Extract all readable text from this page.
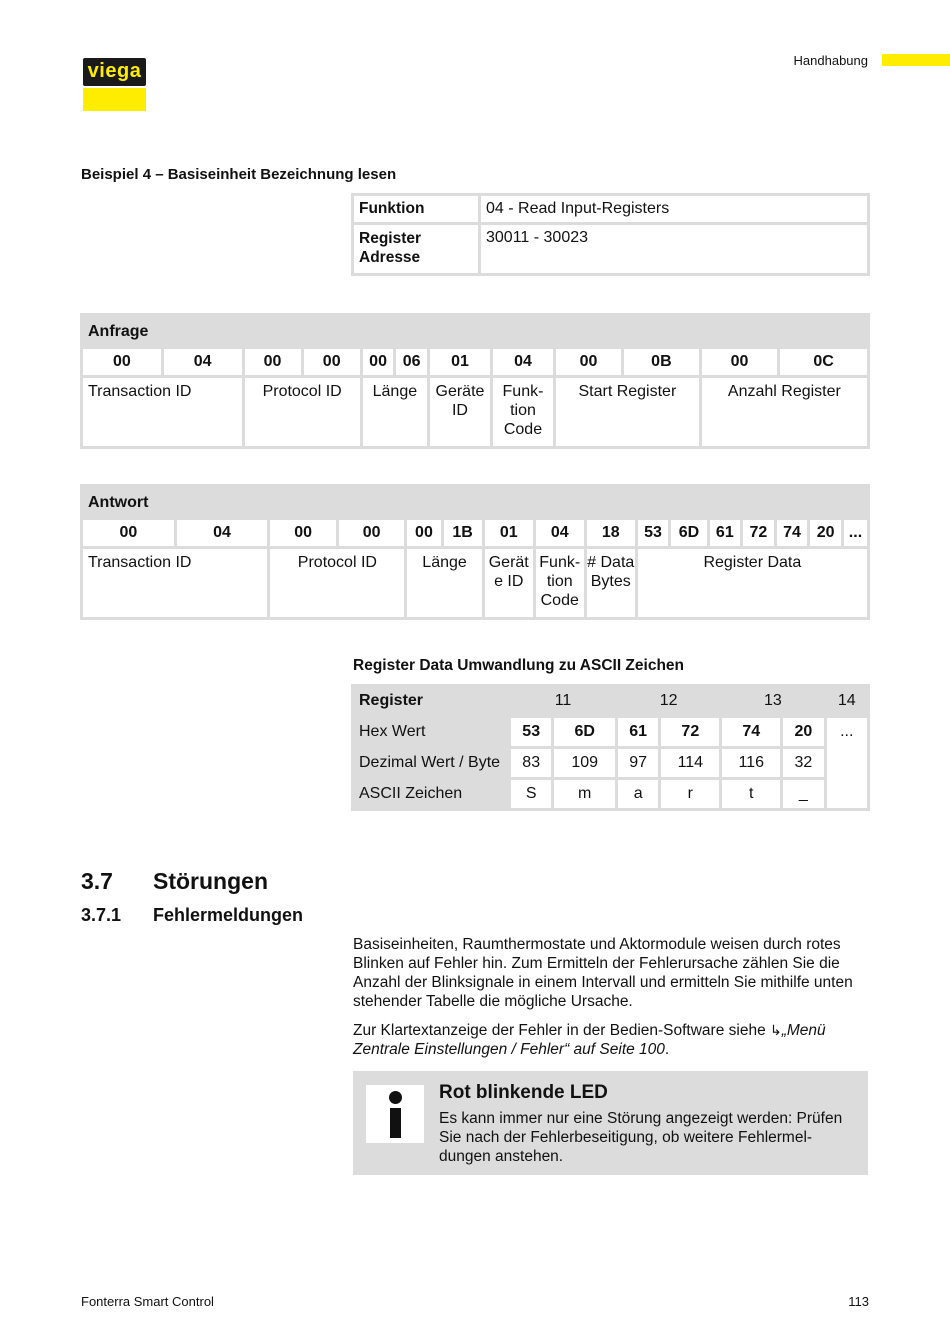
viega	Handhabung
Beispiel 4 – Basiseinheit Bezeichnung lesen
Funktion	04 - Read Input-Registers
Register Adresse	30011 - 30023
Anfrage											
00	04	00	00	00	06	01	04	00	0B	00	0C
Transaction ID		Protocol ID		Länge		Geräte ID	Funk-tion Code	Start Register		Anzahl Register	
Antwort															
00	04	00	00	00	1B	01	04	18	53	6D	61	72	74	20	...
Transaction ID		Protocol ID		Länge		Gerät e ID	Funk-tion Code	# Data Bytes	Register Data						
Register Data Umwandlung zu ASCII Zeichen
Register	11		12		13		14
Hex Wert	53	6D	61	72	74	20	...
Dezimal Wert / Byte	83	109	97	114	116	32	
ASCII Zeichen	S	m	a	r	t	_	
3.7 Störungen
3.7.1 Fehlermeldungen
Basiseinheiten, Raumthermostate und Aktormodule weisen durch rotes Blinken auf Fehler hin. Zum Ermitteln der Fehlerursache zählen Sie die Anzahl der Blinksignale in einem Intervall und ermitteln Sie mithilfe unten stehender Tabelle die mögliche Ursache.
Zur Klartextanzeige der Fehler in der Bedien-Software siehe ↳„Menü Zentrale Einstellungen / Fehler“ auf Seite 100.
Rot blinkende LED
Es kann immer nur eine Störung angezeigt werden: Prüfen Sie nach der Fehlerbeseitigung, ob weitere Fehlermel-dungen anstehen.
Fonterra Smart Control	113
